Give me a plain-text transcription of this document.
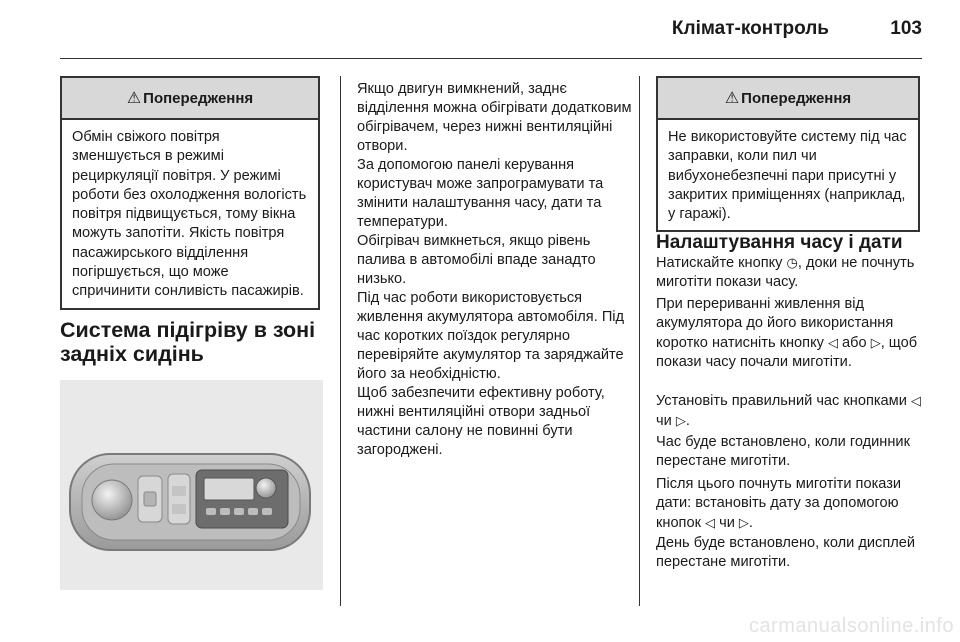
Клімат-контроль	103
⚠ Попередження
Обмін свіжого повітря зменшується в режимі рециркуляції повітря. У режимі роботи без охолодження вологість повітря підвищується, тому вікна можуть запотіти. Якість повітря пасажирського відділення погіршується, що може спричинити сонливість пасажирів.
Система підігріву в зоні задніх сидінь

Якщо двигун вимкнений, заднє відділення можна обігрівати додатковим обігрівачем, через нижні вентиляційні отвори.

За допомогою панелі керування користувач може запрограмувати та змінити налаштування часу, дати та температури.

Обігрівач вимкнеться, якщо рівень палива в автомобілі впаде занадто низько.

Під час роботи використовується живлення акумулятора автомобіля. Під час коротких поїздок регулярно перевіряйте акумулятор та заряджайте його за необхідністю.

Щоб забезпечити ефективну роботу, нижні вентиляційні отвори задньої частини салону не повинні бути загороджені.

⚠ Попередження
Не використовуйте систему під час заправки, коли пил чи вибухонебезпечні пари присутні у закритих приміщеннях (наприклад, у гаражі).
Налаштування часу і дати

Натискайте кнопку ◷, доки не почнуть миготіти покази часу.

При перериванні живлення від акумулятора до його використання коротко натисніть кнопку ◁ або ▷, щоб покази часу почали миготіти.

Установіть правильний час кнопками ◁ чи ▷.

Час буде встановлено, коли годинник перестане миготіти.

Після цього почнуть миготіти покази дати: встановіть дату за допомогою кнопок ◁ чи ▷.

День буде встановлено, коли дисплей перестане миготіти.

carmanualsonline.info
